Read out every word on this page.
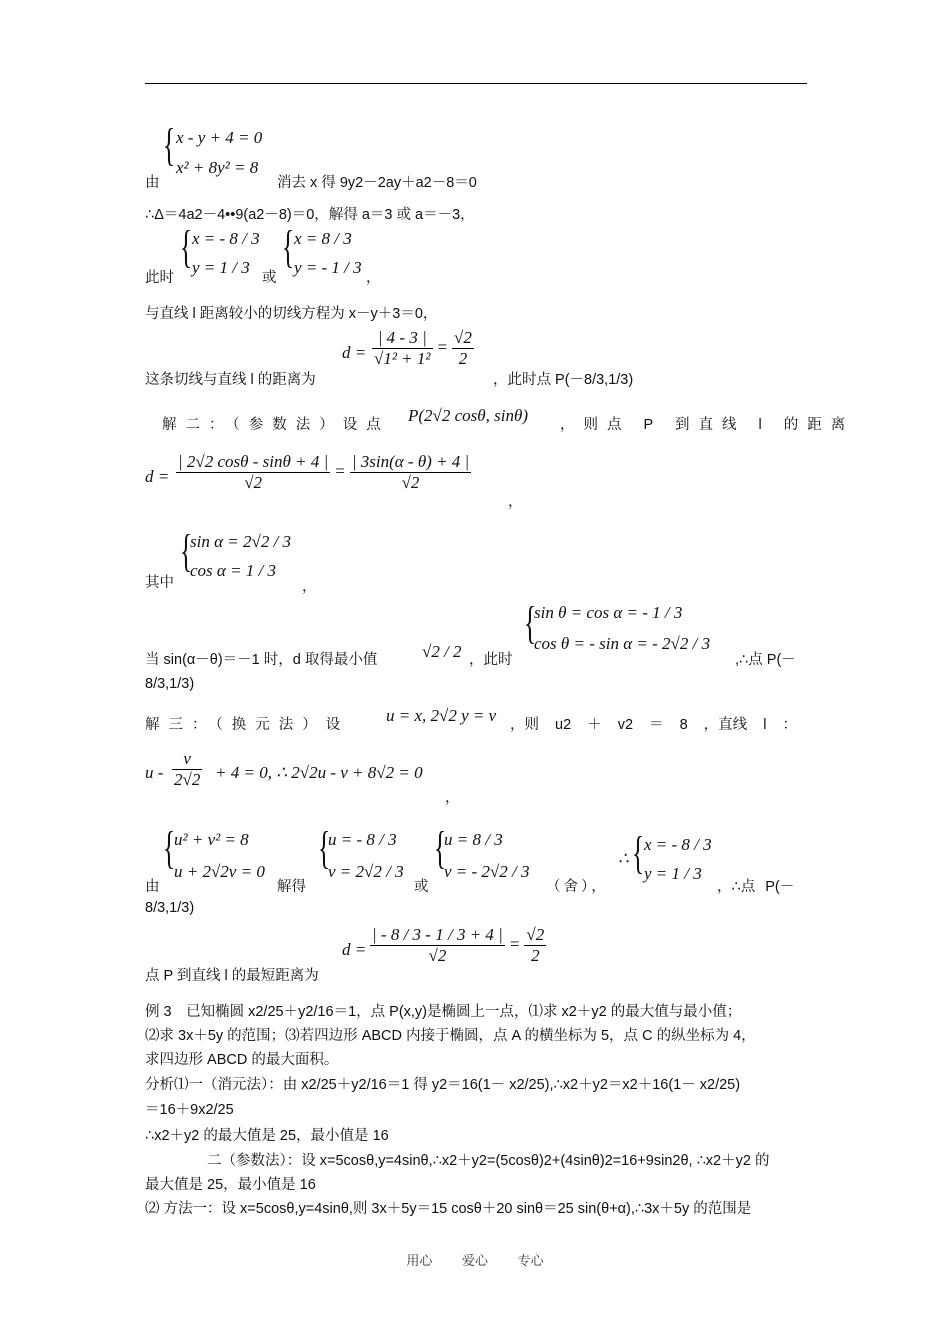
{ x - y + 4 = 0
x² + 8y² = 8
由	消去 x 得 9y2－2ay＋a2－8＝0
∴Δ＝4a2－4••9(a2－8)＝0，解得 a＝3 或 a＝－3，
此时
{ x = - 8 / 3
y = 1 / 3
或
{ x = 8 / 3
y = - 1 / 3
，
与直线 l 距离较小的切线方程为 x－y＋3＝0，
这条切线与直线 l 的距离为
$d = \frac{| 4 - 3 |}{\text{√1² + 1²}} = \frac{√2}{2}$
，此时点 P(－8/3,1/3)
解二：（参数法）设点 P(2√2 cosθ, sinθ) ，则点 P 到直线 l 的距离
$d = \frac{| 2√2 \cos\theta - \sin\theta + 4 |}{√2} = \frac{| 3\sin(\alpha - \theta) + 4 |}{√2}$
，
其中
{
sin α = 2√2 / 3
cos α = 1 / 3
，
{
sin θ = cos α = - 1 / 3
cos θ = - sin α = - 2√2 / 3
当 sin(α－θ)＝－1 时，d 取得最小值	√2 / 2 ，此时	,∴点 P(－
8/3,1/3)
解三：（换元法）设 u = x, 2√2 y = v ，则 u2 ＋ v2 ＝ 8 ，直线 l ：
$u - \frac{v}{2√2} + 4 = 0$, ∴ 2√2u - v + 8√2 = 0
，
{
u² + v² = 8
u + 2√2v = 0
由	解得
{
u = - 8 / 3
v = 2√2 / 3
或
{
u = 8 / 3
v = - 2√2 / 3
（舍），
∴ { x = - 8 / 3
y = 1 / 3
，∴点 P(－
8/3,1/3)
点 P 到直线 l 的最短距离为
$d = \frac{| - 8 / 3 - 1 / 3 + 4 |}{√2} = \frac{√2}{2}$
例 3　已知椭圆 x2/25＋y2/16＝1，点 P(x,y)是椭圆上一点，⑴求 x2＋y2 的最大值与最小值；
⑵求 3x＋5y 的范围；⑶若四边形 ABCD 内接于椭圆，点 A 的横坐标为 5，点 C 的纵坐标为 4，
求四边形 ABCD 的最大面积。
分析⑴一（消元法）：由 x2/25＋y2/16＝1 得 y2＝16(1－ x2/25),∴x2＋y2＝x2＋16(1－ x2/25)
＝16＋9x2/25
∴x2＋y2 的最大值是 25，最小值是 16
二（参数法）：设 x=5cosθ,y=4sinθ,∴x2＋y2=(5cosθ)2+(4sinθ)2=16+9sin2θ, ∴x2＋y2 的
最大值是 25，最小值是 16
⑵ 方法一：设 x=5cosθ,y=4sinθ,则 3x＋5y＝15 cosθ＋20 sinθ＝25 sin(θ+α),∴3x＋5y 的范围是
用心 爱心 专心
